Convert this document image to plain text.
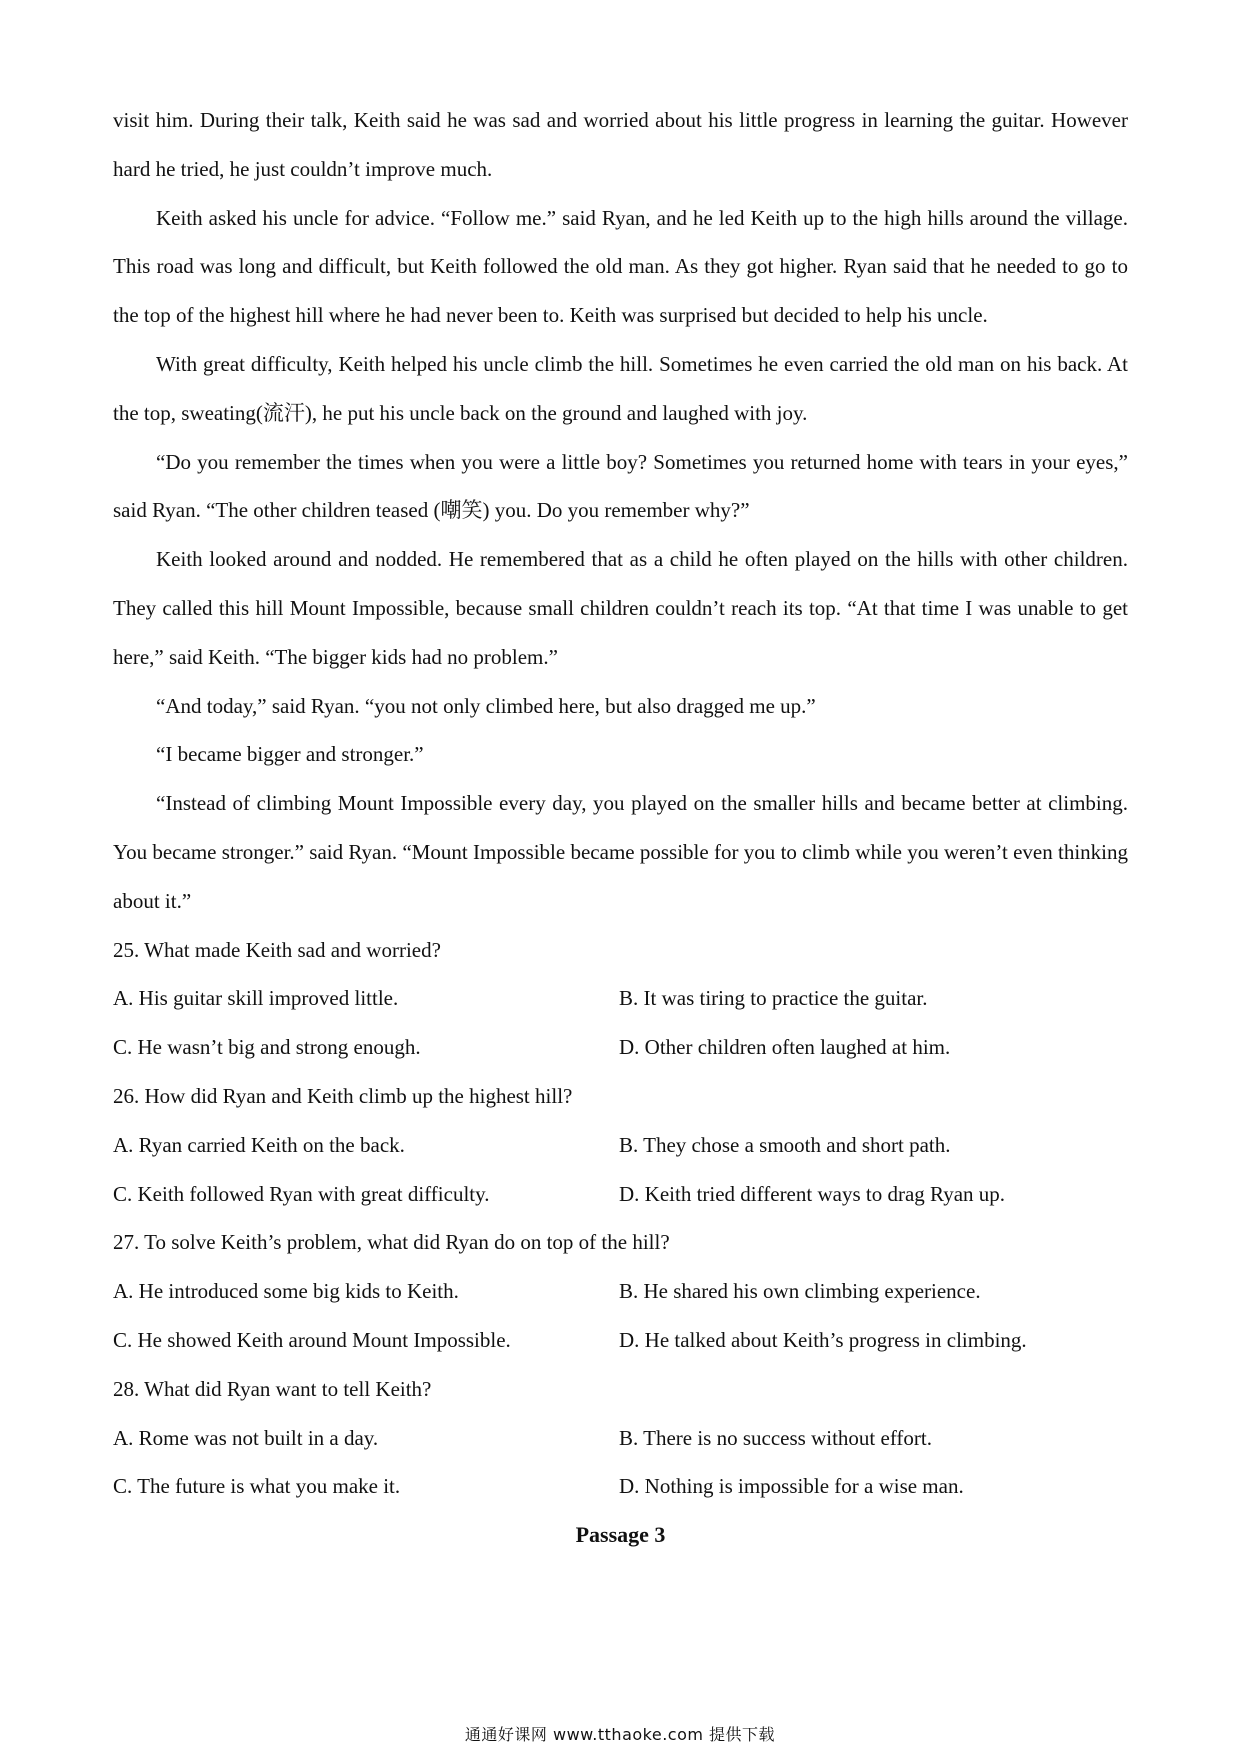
visit him. During their talk, Keith said he was sad and worried about his little progress in learning the guitar. However hard he tried, he just couldn’t improve much.

Keith asked his uncle for advice. “Follow me.” said Ryan, and he led Keith up to the high hills around the village. This road was long and difficult, but Keith followed the old man. As they got higher. Ryan said that he needed to go to the top of the highest hill where he had never been to. Keith was surprised but decided to help his uncle.

With great difficulty, Keith helped his uncle climb the hill. Sometimes he even carried the old man on his back. At the top, sweating(流汗), he put his uncle back on the ground and laughed with joy.

“Do you remember the times when you were a little boy? Sometimes you returned home with tears in your eyes,” said Ryan. “The other children teased (嘲笑) you. Do you remember why?”

Keith looked around and nodded. He remembered that as a child he often played on the hills with other children. They called this hill Mount Impossible, because small children couldn’t reach its top. “At that time I was unable to get here,” said Keith. “The bigger kids had no problem.”

“And today,” said Ryan. “you not only climbed here, but also dragged me up.”

“I became bigger and stronger.”

“Instead of climbing Mount Impossible every day, you played on the smaller hills and became better at climbing. You became stronger.” said Ryan. “Mount Impossible became possible for you to climb while you weren’t even thinking about it.”

25. What made Keith sad and worried?

A. His guitar skill improved little.	B. It was tiring to practice the guitar.
C. He wasn’t big and strong enough.	D. Other children often laughed at him.

26. How did Ryan and Keith climb up the highest hill?

A. Ryan carried Keith on the back.	B. They chose a smooth and short path.
C. Keith followed Ryan with great difficulty.	D. Keith tried different ways to drag Ryan up.

27. To solve Keith’s problem, what did Ryan do on top of the hill?

A. He introduced some big kids to Keith.	B. He shared his own climbing experience.
C. He showed Keith around Mount Impossible.	D. He talked about Keith’s progress in climbing.

28. What did Ryan want to tell Keith?

A. Rome was not built in a day.	B. There is no success without effort.
C. The future is what you make it.	D. Nothing is impossible for a wise man.

Passage 3

通通好课网 www.tthaoke.com 提供下载
